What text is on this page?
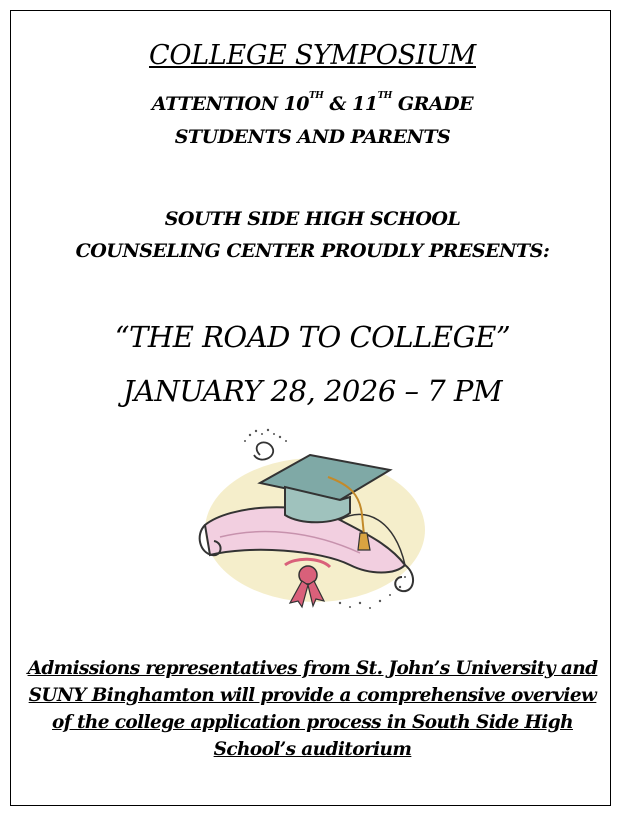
COLLEGE SYMPOSIUM
ATTENTION 10TH & 11TH GRADE
STUDENTS AND PARENTS
SOUTH SIDE HIGH SCHOOL
COUNSELING CENTER PROUDLY PRESENTS:
“THE ROAD TO COLLEGE”
JANUARY 28, 2026 – 7 PM
Admissions representatives from St. John’s University and SUNY Binghamton will provide a comprehensive overview of the college application process in South Side High School’s auditorium
